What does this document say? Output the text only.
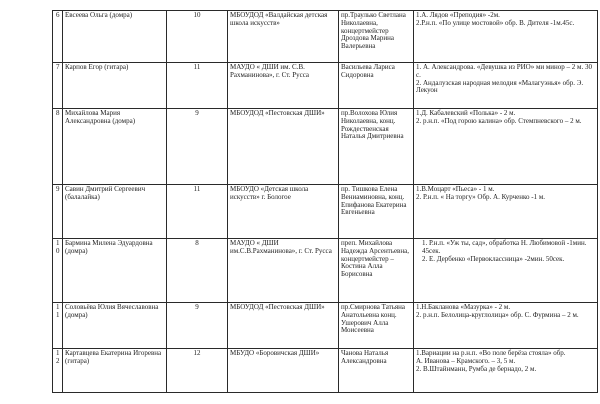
6	Евсеева Ольга (домра)	10	МБОУДОД «Валдайская детская школа искусств»	пр.Траулько Светлана Николаевна, концертмейстер Дроздова Марина Валерьевна	1.А. Лядов «Преподия» -2м.
2.Р.н.п. «По улице мостовой» обр. В. Дителя -1м.45с.

7	Карпов Егор (гитара)	11	МАУДО « ДШИ им. С.В. Рахманинова», г. Ст. Русса	Васильева Лариса Сидоровна	1. А. Александрова. «Девушка из РИО» ми минор – 2 м. 30 с.
2. Андалузская народная мелодия «Малагуэнья» обр. Э. Лекуон

8	Михайлова Мария Александровна (домра)	9	МБОУДОД «Пестовская ДШИ»	пр.Волохова Юлия Николаевна, конц. Рождественская Наталья Дмитриевна	1.Д. Кабалевский «Полька» - 2 м.
2. р.н.п. «Под горою калина» обр. Стемпневского – 2 м.

9	Савин Дмитрий Сергеевич (балалайка)	11	МБОУДО «Детская школа искусств» г. Бологое	пр. Тишкова Елена Вениаминовна, конц. Епифанова Екатерина Евгеньевна	1.В.Моцарт «Пьеса» - 1 м.
2. Р.н.п. « На торгу» Обр. А. Курченко -1 м.

10	Бармина Милена Эдуардовна (домра)	8	МАУДО « ДШИ им.С.В.Рахманинова», г. Ст. Русса	преп. Михайлова Надежда Арсентьевна, концертмейстер – Костина Алла Борисовна	1. Р.н.п. «Уж ты, сад», обработка Н. Любимовой -1мин. 45сек.
2. Е. Дербенко «Первоклассница» -2мин. 50сек.

11	Соловьёва Юлия Вячеславовна (домра)	9	МБОУДОД «Пестовская ДШИ»	пр.Смирнова Татьяна Анатольевна конц. Ушерович Алла Моисеевна	1.Н.Бакланова «Мазурка» - 2 м.
2. р.н.п. Белолица-круглолица» обр. С. Фурмина – 2 м.

12	Картавцева Екатерина Игоревна (гитара)	12	МБУДО «Боровичская ДШИ»	Чанова Наталья Александровна	1.Вариации на р.н.п. «Во поле берёза стояла» обр.
А. Иванова – Крамского. – 3, 5 м.
2. В.Штайнманн, Румба де бернадо, 2 м.
